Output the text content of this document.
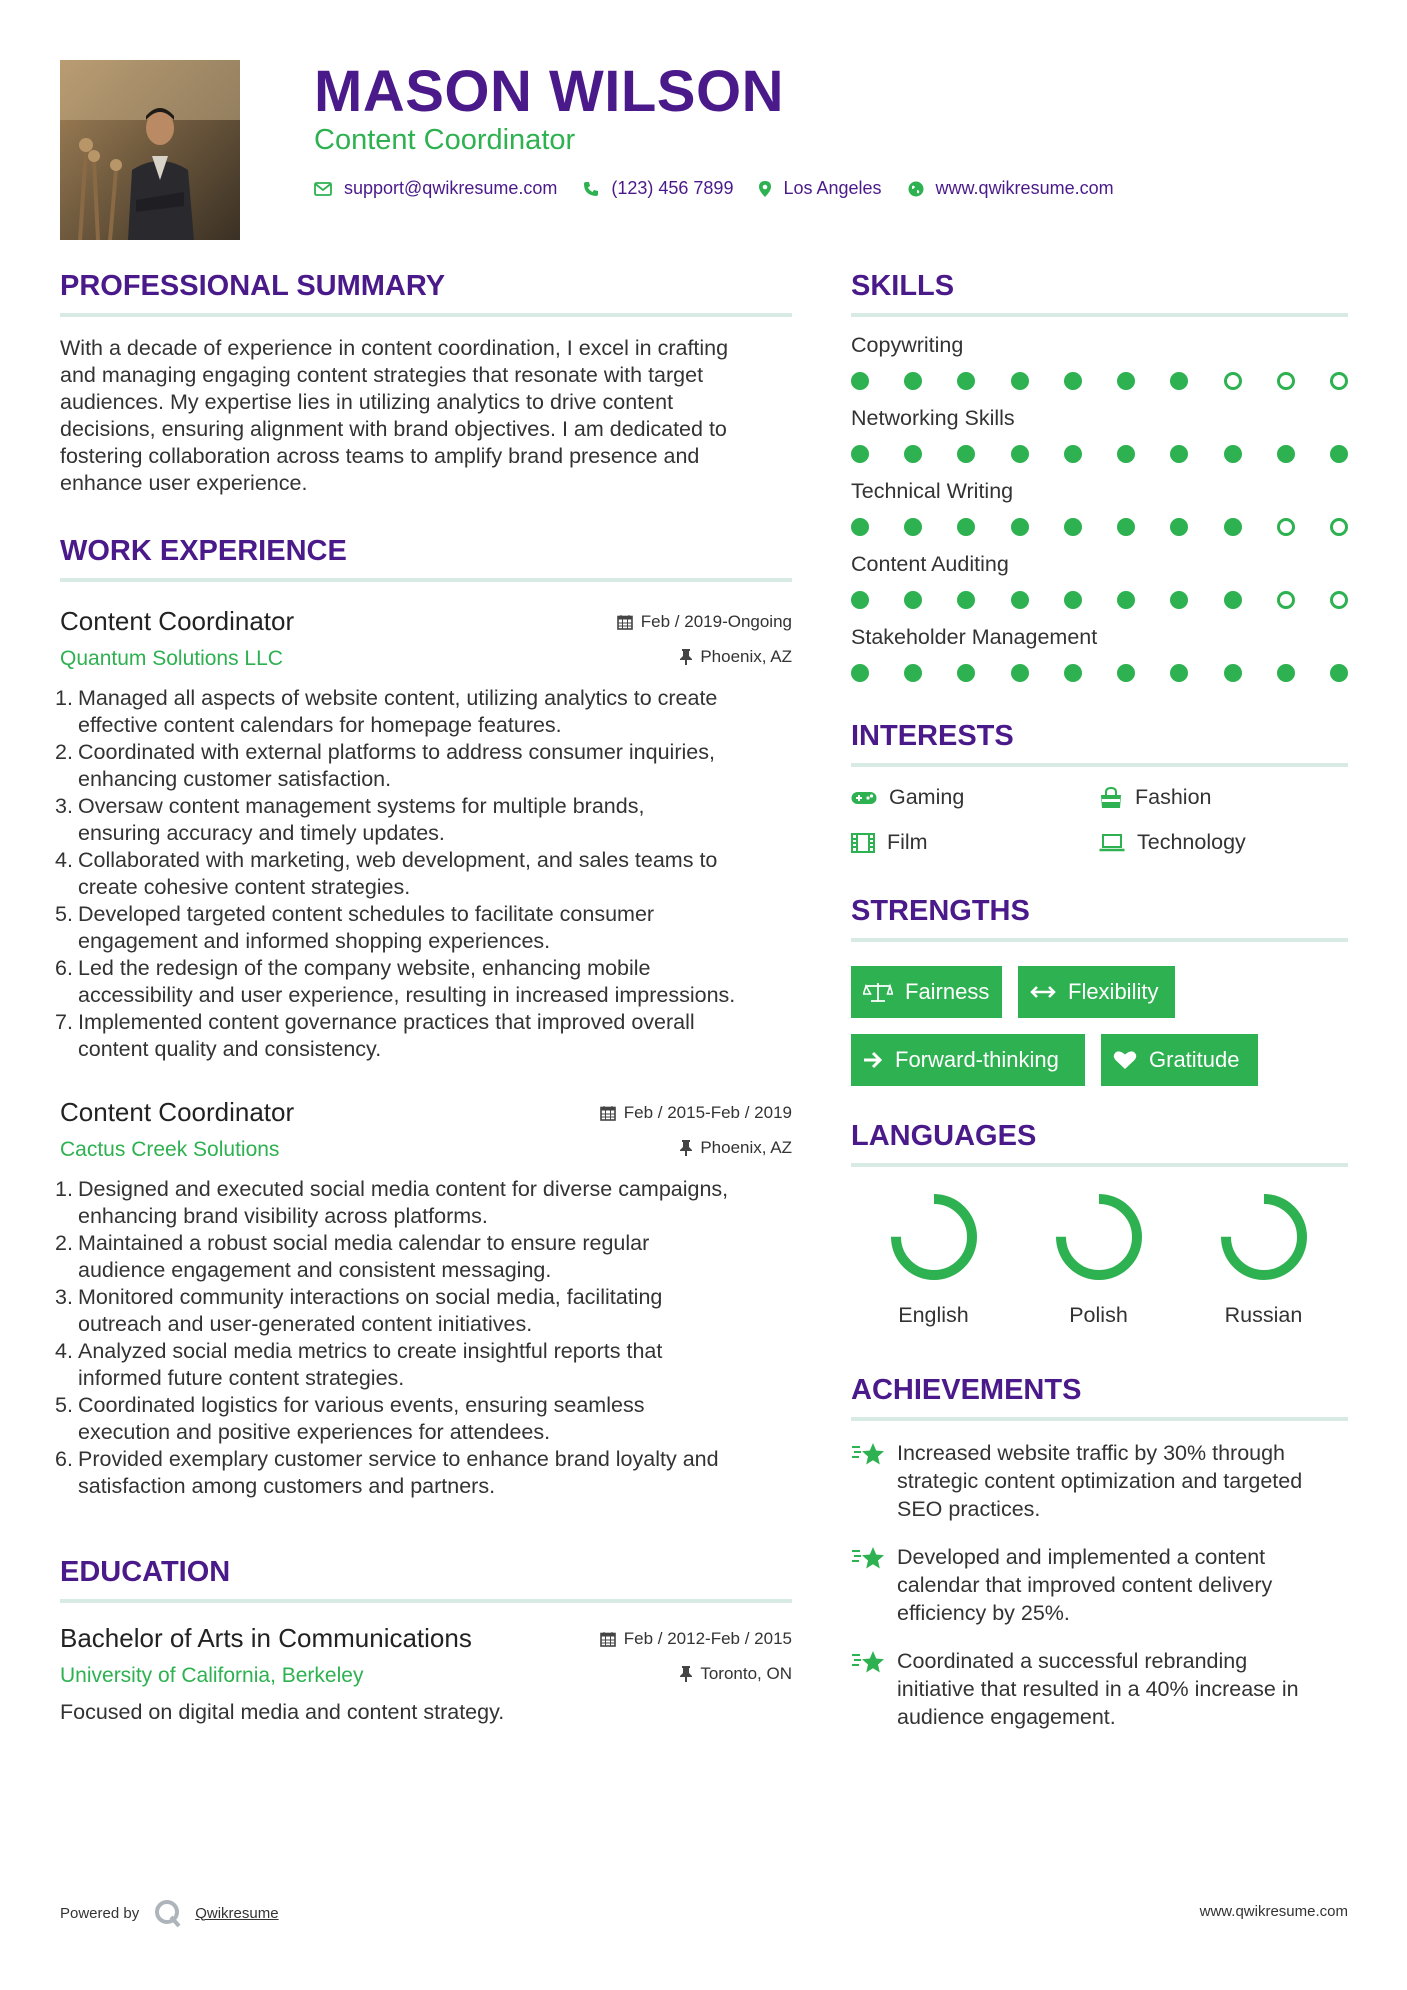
MASON WILSON
Content Coordinator
support@qwikresume.com	(123) 456 7899	Los Angeles	www.qwikresume.com
PROFESSIONAL SUMMARY
With a decade of experience in content coordination, I excel in crafting
and managing engaging content strategies that resonate with target
audiences. My expertise lies in utilizing analytics to drive content
decisions, ensuring alignment with brand objectives. I am dedicated to
fostering collaboration across teams to amplify brand presence and
enhance user experience.
WORK EXPERIENCE
Content Coordinator	Feb / 2019-Ongoing
Quantum Solutions LLC	Phoenix, AZ
1. Managed all aspects of website content, utilizing analytics to create
effective content calendars for homepage features.
2. Coordinated with external platforms to address consumer inquiries,
enhancing customer satisfaction.
3. Oversaw content management systems for multiple brands,
ensuring accuracy and timely updates.
4. Collaborated with marketing, web development, and sales teams to
create cohesive content strategies.
5. Developed targeted content schedules to facilitate consumer
engagement and informed shopping experiences.
6. Led the redesign of the company website, enhancing mobile
accessibility and user experience, resulting in increased impressions.
7. Implemented content governance practices that improved overall
content quality and consistency.
Content Coordinator	Feb / 2015-Feb / 2019
Cactus Creek Solutions	Phoenix, AZ
1. Designed and executed social media content for diverse campaigns,
enhancing brand visibility across platforms.
2. Maintained a robust social media calendar to ensure regular
audience engagement and consistent messaging.
3. Monitored community interactions on social media, facilitating
outreach and user-generated content initiatives.
4. Analyzed social media metrics to create insightful reports that
informed future content strategies.
5. Coordinated logistics for various events, ensuring seamless
execution and positive experiences for attendees.
6. Provided exemplary customer service to enhance brand loyalty and
satisfaction among customers and partners.
EDUCATION
Bachelor of Arts in Communications	Feb / 2012-Feb / 2015
University of California, Berkeley	Toronto, ON
Focused on digital media and content strategy.
SKILLS
Copywriting
Networking Skills
Technical Writing
Content Auditing
Stakeholder Management
INTERESTS
Gaming	Fashion
Film	Technology
STRENGTHS
Fairness	Flexibility
Forward-thinking	Gratitude
LANGUAGES
English	Polish	Russian
ACHIEVEMENTS
Increased website traffic by 30% through
strategic content optimization and targeted
SEO practices.
Developed and implemented a content
calendar that improved content delivery
efficiency by 25%.
Coordinated a successful rebranding
initiative that resulted in a 40% increase in
audience engagement.
Powered by	Qwikresume	www.qwikresume.com
